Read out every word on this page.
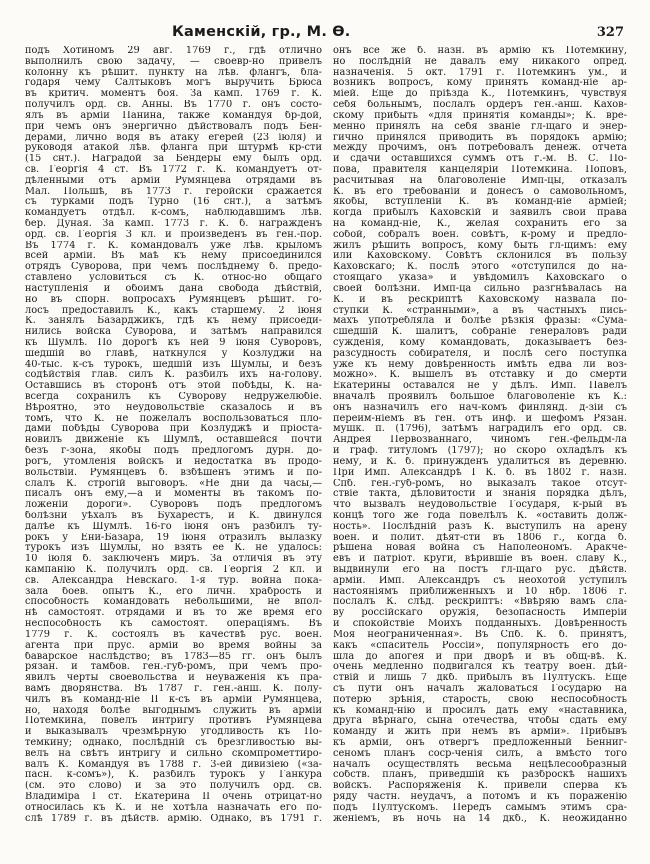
Каменскій, гр., М. Ѳ.	327
подъ Хотиномъ 29 авг. 1769 г., гдѣ отлично
выполнилъ свою задачу, — своевр-но привелъ
колонну къ рѣшит. пункту на лѣв. флангъ, бла-
годаря чему Салтыковъ могъ выручить Брюса
въ критич. моментъ боя. За камп. 1769 г. К.
получилъ орд. св. Анны. Въ 1770 г. онъ состо-
ялъ въ арміи Панина, также командуя бр-дой,
при чемъ онъ энергично дѣйствовалъ подъ Бен-
дерами, лично водя въ атаку егерей (23 іюля) и
руководя атакой лѣв. фланга при штурмѣ кр-сти
(15 снт.). Наградой за Бендеры ему былъ орд.
св. Георгія 4 ст. Въ 1772 г. К. командуетъ от-
дѣленными отъ арміи Румянцева отрядами въ
Мал. Польшѣ, въ 1773 г. геройски сражается
съ турками подъ Турно (16 снт.), а затѣмъ
командуетъ отдѣл. к-сомъ, наблюдавшимъ лѣв.
бер. Дуная. За камп. 1773 г. К. б. награжденъ
орд. св. Георгія 3 кл. и произведенъ въ ген.-пор.
Въ 1774 г. К. командовалъ уже лѣв. крыломъ
всей арміи. Въ маѣ къ нему присоединился
отрядъ Суворова, при чемъ послѣднему б. предо-
ставлено условиться съ К. относ-но общаго
наступленія и обоимъ дана свобода дѣйствій,
но въ спорн. вопросахъ Румянцевъ рѣшит. го-
лосъ предоставилъ К., какъ старшему. 2 іюня
К. занялъ Базарджикъ, гдѣ къ нему присоеди-
нились войска Суворова, и затѣмъ направился
къ Шумлѣ. По дорогѣ къ ней 9 іюня Суворовъ,
шедшій во главѣ, наткнулся у Козлуджи на
40-тыс. к-съ турокъ, шедшій изъ Шумлы, и безъ
содѣйствія глав. силъ К. разбилъ ихъ на-голову.
Оставшись въ сторонѣ отъ этой побѣды, К. на-
всегда сохранилъ къ Суворову недружелюбіе.
Вѣроятно, это неудовольствіе сказалось и въ
томъ, что К. не пожелалъ воспользоваться пло-
дами побѣды Суворова при Козлуджѣ и пріоста-
новилъ движеніе къ Шумлѣ, оставшейся почти
безъ г-зона, якобы подъ предлогомъ дурн. до-
рогъ, утомленія войскъ и недостатка въ продо-
вольствіи. Румянцевъ б. взбѣшенъ этимъ и по-
слалъ К. строгій выговоръ. «Не дни да часы,—
писалъ онъ ему,—а и моменты въ такомъ по-
ложеніи дороги». Суворовъ подъ предлогомъ
болѣзни уѣхалъ въ Бухарестъ, и К. двинулся
далѣе къ Шумлѣ. 16-го іюня онъ разбилъ ту-
рокъ у Ени-Базара, 19 іюня отразилъ вылазку
турокъ изъ Шумлы, но взять ее К. не удалось:
10 іюля б. заключенъ миръ. За отличія въ эту
кампанію К. получилъ орд. св. Георгія 2 кл. и
св. Александра Невскаго. 1-я тур. война пока-
зала боев. опытъ К., его личн. храбрость и
способность командовать небольшими, не впол-
нѣ самостоят. отрядами и въ то же время его
неспособность къ самостоят. операціямъ. Въ
1779 г. К. состоялъ въ качествѣ рус. воен.
агента при прус. арміи во время войны за
баварское наслѣдство; въ 1783—85 гг. онъ былъ
рязан. и тамбов. ген.-губ-ромъ, при чемъ про-
явилъ черты своевольства и неуваженія къ пра-
вамъ дворянства. Въ 1787 г. ген.-анш. К. полу-
чилъ въ команд-ніе II к-съ въ арміи Румянцева,
но, находя болѣе выгоднымъ служить въ арміи
Потемкина, повелъ интригу противъ Румянцева
и выказывалъ чрезмѣрную угодливость къ По-
темкину; однако, послѣдній съ брезгливостью вы-
велъ на свѣтъ интригу и сильно скомпрометтиро-
валъ К. Командуя въ 1788 г. 3-ей дивизіею («за-
пасн. к-сомъ»), К. разбилъ турокъ у Ганкура
(см. это слово) и за это получилъ орд. св.
Владиміра I ст. Екатерина II очень отрицат-но
относилась къ К. и не хотѣла назначать его по-
слѣ 1789 г. въ дѣйств. армію. Однако, въ 1791 г.
онъ все же б. назн. въ армію къ Потемкину,
но послѣдній не давалъ ему никакого опред.
назначенія. 5 окт. 1791 г. Потемкинъ ум., и
возникъ вопросъ, кому принять команд-ніе ар-
міей. Еще до пріѣзда К., Потемкинъ, чувствуя
себя больнымъ, послалъ ордеръ ген.-анш. Кахов-
скому прибыть «для принятія команды»; К. вре-
менно принялъ на себя званіе гл-щаго и энер-
гично принялся приводить въ порядокъ армію;
между прочимъ, онъ потребовалъ денеж. отчета
и сдачи оставшихся суммъ отъ г.-м. В. С. По-
пова, правителя канцеляріи Потемкина. Поповъ,
расчитывая на благоволеніе Имп-цы, отказалъ
К. въ его требованіи и донесъ о самовольномъ,
якобы, вступленіи К. въ команд-ніе арміей;
когда прибылъ Каховскій и заявилъ свои права
на команд-ніе, К., желая сохранить его за
собой, собралъ воен. совѣтъ, к-рому и предло-
жилъ рѣшить вопросъ, кому быть гл-щимъ: ему
или Каховскому. Совѣтъ склонился въ пользу
Каховскаго; К. послѣ этого «отступился до на-
стоящаго указа» и увѣдомилъ Каховскаго о
своей болѣзни. Имп-ца сильно разгнѣвалась на
К. и въ рескриптѣ Каховскому назвала по-
ступки К. «странными», а въ частныхъ пись-
махъ употребляла и болѣе рѣзкія фразы: «Сума-
сшедшій К. шалитъ, собраніе генераловъ ради
сужденія, кому командовать, доказываетъ без-
разсудность собирателя, и послѣ сего поступка
уже къ нему довѣренность имѣть едва ли воз-
можно». К. вышелъ въ отставку и до смерти
Екатерины оставался не у дѣлъ. Имп. Павелъ
вначалѣ проявилъ большое благоволеніе къ К.:
онъ назначилъ его нач-комъ финлянд. д-зіи съ
переим-ніемъ въ ген. отъ инф. и шефомъ Рязан.
мушк. п. (1796), затѣмъ наградилъ его орд. св.
Андрея Первозваннаго, чиномъ ген.-фельдм-ла
и граф. титуломъ (1797); но скоро охладѣлъ къ
нему, и К. б. принужденъ удалиться въ деревню.
При Имп. Александрѣ I К. б. въ 1802 г. назн.
Спб. ген.-губ-ромъ, но выказалъ такое отсут-
ствіе такта, дѣловитости и знанія порядка дѣлъ,
что вызвалъ неудовольствіе Государя, к-рый въ
концѣ того же года повелѣлъ К. «оставить долж-
ность». Послѣдній разъ К. выступилъ на арену
воен. и полит. дѣят-сти въ 1806 г., когда б.
рѣшена новая война съ Наполеономъ. Аракче-
евъ и патріот. круги, вѣрившіе въ воен. славу К.,
выдвинули его на постъ гл-щаго рус. дѣйств.
арміи. Имп. Александръ съ неохотой уступилъ
настояніямъ приближенныхъ и 10 нбр. 1806 г.
послалъ К. слѣд. рескриптъ: «Ввѣряю вамъ сла-
ву россійскаго оружія, безопасность Имперіи
и спокойствіе Моихъ подданныхъ. Довѣренность
Моя неограниченная». Въ Спб. К. б. принятъ,
какъ «спаситель Россіи», популярность его до-
шла до апогея и при дворѣ и въ общ-вѣ. К.
очень медленно подвигался къ театру воен. дѣй-
ствій и лишь 7 дкб. прибылъ въ Пултускъ. Еще
съ пути онъ началъ жаловаться Государю на
потерю зрѣнія, старость, свою неспособность
къ команд-нію и просилъ дать ему «наставника,
друга вѣрнаго, сына отечества, чтобы сдать ему
команду и жить при немъ въ арміи». Прибывъ
къ арміи, онъ отвергъ предложенный Бенниг-
сеномъ планъ соср-ченія силъ, а вмѣсто того
началъ осуществлять весьма нецѣлесообразный
собств. планъ, приведшій къ разброскѣ нашихъ
войскъ. Распоряженія К. привели сперва къ
ряду частн. неудачъ, а потомъ и къ пораженію
подъ Пултускомъ. Передъ самымъ этимъ сра-
женіемъ, въ ночь на 14 дкб., К. неожиданно
